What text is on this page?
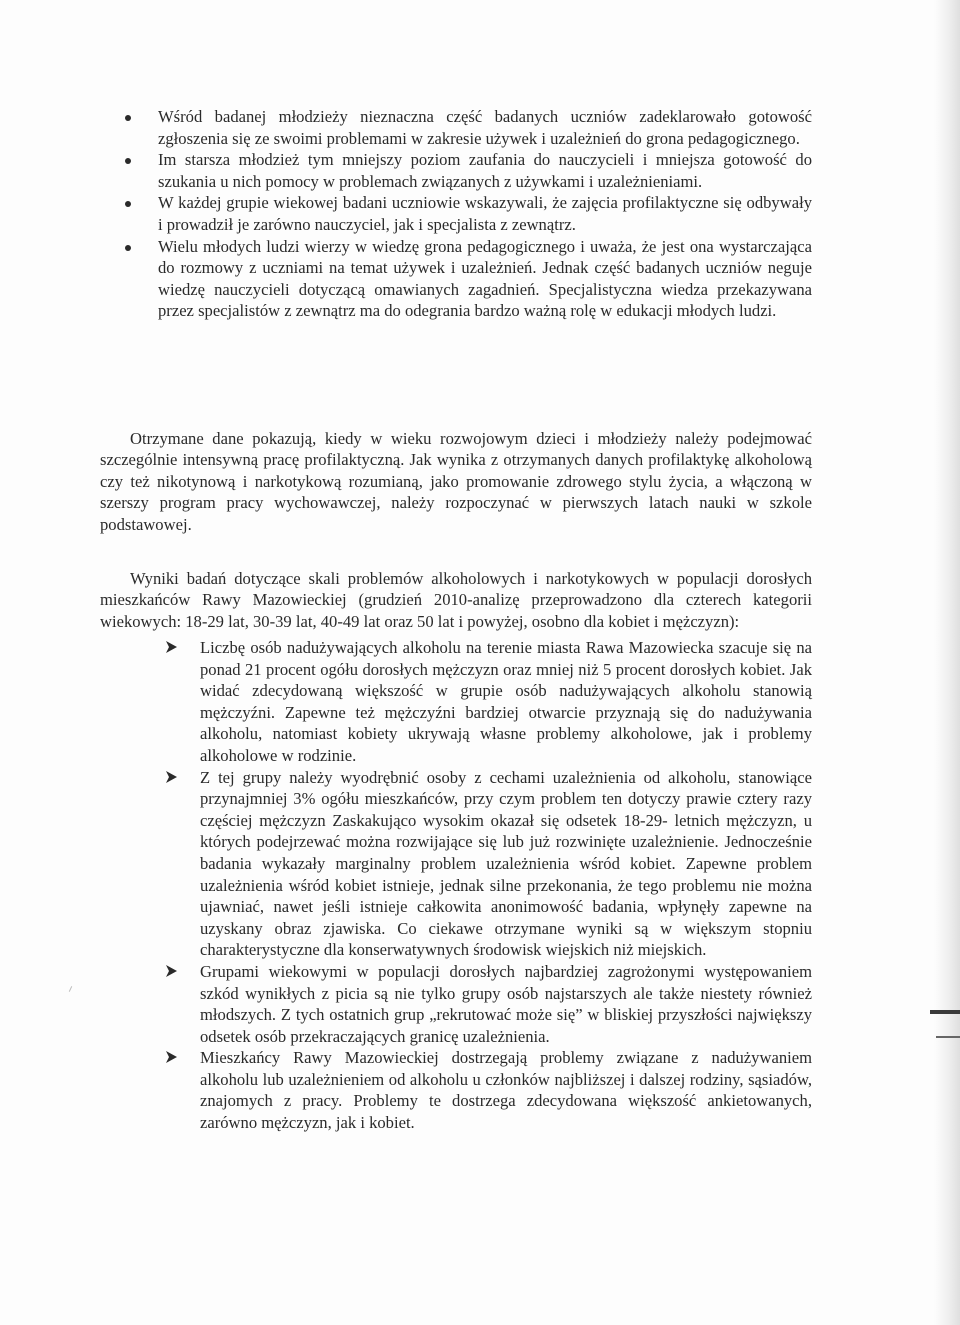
Wśród badanej młodzieży nieznaczna część badanych uczniów zadeklarowało gotowość zgłoszenia się ze swoimi problemami w zakresie używek i uzależnień do grona pedagogicznego.

Im starsza młodzież tym mniejszy poziom zaufania do nauczycieli i mniejsza gotowość do szukania u nich pomocy w problemach związanych z używkami i uzależnieniami.

W każdej grupie wiekowej badani uczniowie wskazywali, że zajęcia profilaktyczne się odbywały i prowadził je zarówno nauczyciel, jak i specjalista z zewnątrz.

Wielu młodych ludzi wierzy w wiedzę grona pedagogicznego i uważa, że jest ona wystarczająca do rozmowy z uczniami na temat używek i uzależnień. Jednak część badanych uczniów neguje wiedzę nauczycieli dotyczącą omawianych zagadnień. Specjalistyczna wiedza przekazywana przez specjalistów z zewnątrz ma do odegrania bardzo ważną rolę w edukacji młodych ludzi.

Otrzymane dane pokazują, kiedy w wieku rozwojowym dzieci i młodzieży należy podejmować szczególnie intensywną pracę profilaktyczną. Jak wynika z otrzymanych danych profilaktykę alkoholową czy też nikotynową i narkotykową rozumianą, jako promowanie zdrowego stylu życia, a włączoną w szerszy program pracy wychowawczej, należy rozpoczynać w pierwszych latach nauki w szkole podstawowej.

Wyniki badań dotyczące skali problemów alkoholowych i narkotykowych w populacji dorosłych mieszkańców Rawy Mazowieckiej (grudzień 2010-analizę przeprowadzono dla czterech kategorii wiekowych: 18-29 lat, 30-39 lat, 40-49 lat oraz 50 lat i powyżej, osobno dla kobiet i mężczyzn):

Liczbę osób nadużywających alkoholu na terenie miasta Rawa Mazowiecka szacuje się na ponad 21 procent ogółu dorosłych mężczyzn oraz mniej niż 5 procent dorosłych kobiet. Jak widać zdecydowaną większość w grupie osób nadużywających alkoholu stanowią mężczyźni. Zapewne też mężczyźni bardziej otwarcie przyznają się do nadużywania alkoholu, natomiast kobiety ukrywają własne problemy alkoholowe, jak i problemy alkoholowe w rodzinie.

Z tej grupy należy wyodrębnić osoby z cechami uzależnienia od alkoholu, stanowiące przynajmniej 3% ogółu mieszkańców, przy czym problem ten dotyczy prawie cztery razy częściej mężczyzn Zaskakująco wysokim okazał się odsetek 18-29- letnich mężczyzn, u których podejrzewać można rozwijające się lub już rozwinięte uzależnienie. Jednocześnie badania wykazały marginalny problem uzależnienia wśród kobiet. Zapewne problem uzależnienia wśród kobiet istnieje, jednak silne przekonania, że tego problemu nie można ujawniać, nawet jeśli istnieje całkowita anonimowość badania, wpłynęły zapewne na uzyskany obraz zjawiska. Co ciekawe otrzymane wyniki są w większym stopniu charakterystyczne dla konserwatywnych środowisk wiejskich niż miejskich.

Grupami wiekowymi w populacji dorosłych najbardziej zagrożonymi występowaniem szkód wynikłych z picia są nie tylko grupy osób najstarszych ale także niestety również młodszych. Z tych ostatnich grup „rekrutować może się” w bliskiej przyszłości największy odsetek osób przekraczających granicę uzależnienia.

Mieszkańcy Rawy Mazowieckiej dostrzegają problemy związane z nadużywaniem alkoholu lub uzależnieniem od alkoholu u członków najbliższej i dalszej rodziny, sąsiadów, znajomych z pracy. Problemy te dostrzega zdecydowana większość ankietowanych, zarówno mężczyzn, jak i kobiet.
